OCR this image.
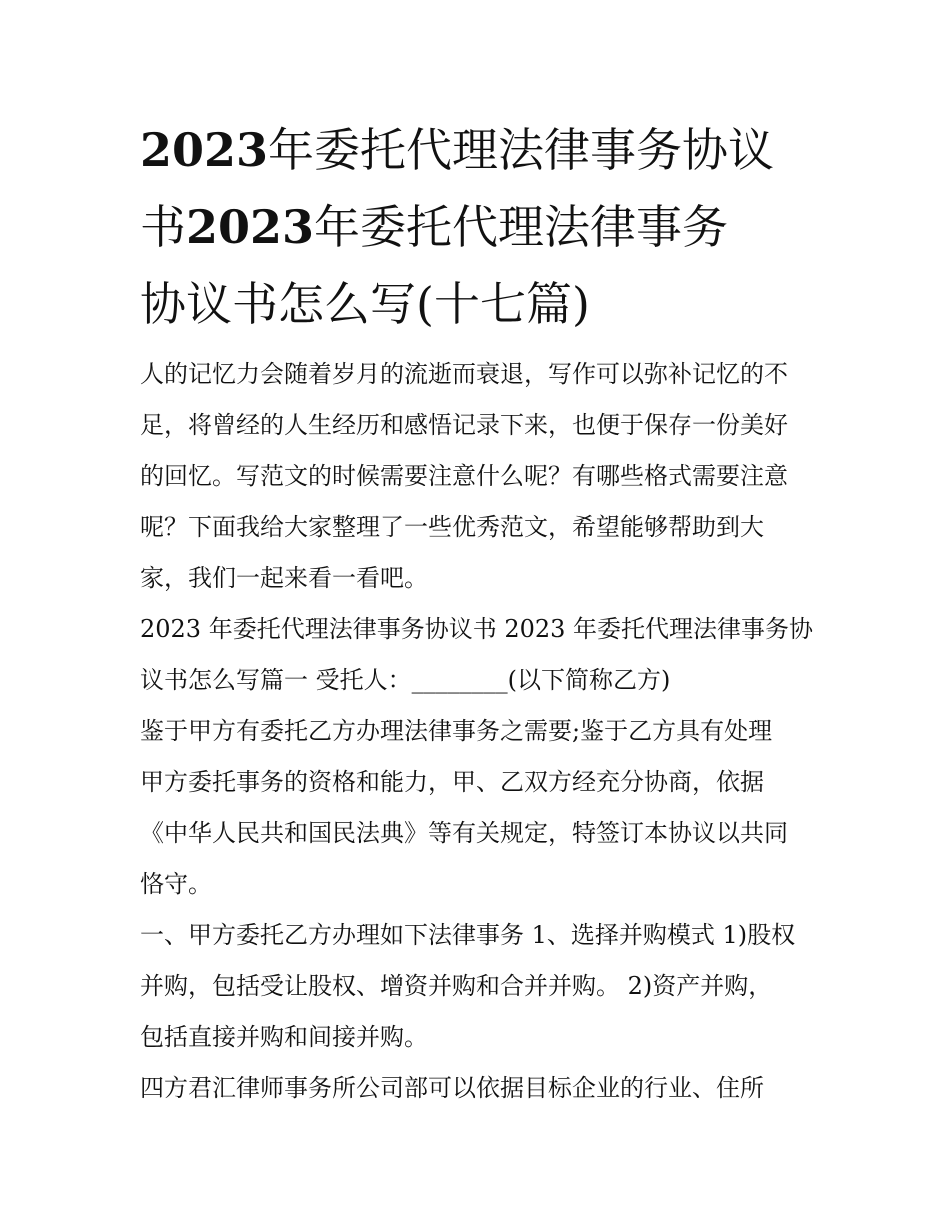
2023年委托代理法律事务协议
书2023年委托代理法律事务
协议书怎么写(十七篇)

人的记忆力会随着岁月的流逝而衰退，写作可以弥补记忆的不

足，将曾经的人生经历和感悟记录下来，也便于保存一份美好

的回忆。写范文的时候需要注意什么呢？有哪些格式需要注意

呢？下面我给大家整理了一些优秀范文，希望能够帮助到大

家，我们一起来看一看吧。

2023 年委托代理法律事务协议书 2023 年委托代理法律事务协

议书怎么写篇一 受托人：________(以下简称乙方)

鉴于甲方有委托乙方办理法律事务之需要;鉴于乙方具有处理

甲方委托事务的资格和能力，甲、乙双方经充分协商，依据

《中华人民共和国民法典》等有关规定，特签订本协议以共同

恪守。

一、甲方委托乙方办理如下法律事务 1、选择并购模式 1)股权

并购，包括受让股权、增资并购和合并并购。 2)资产并购，

包括直接并购和间接并购。

四方君汇律师事务所公司部可以依据目标企业的行业、住所
